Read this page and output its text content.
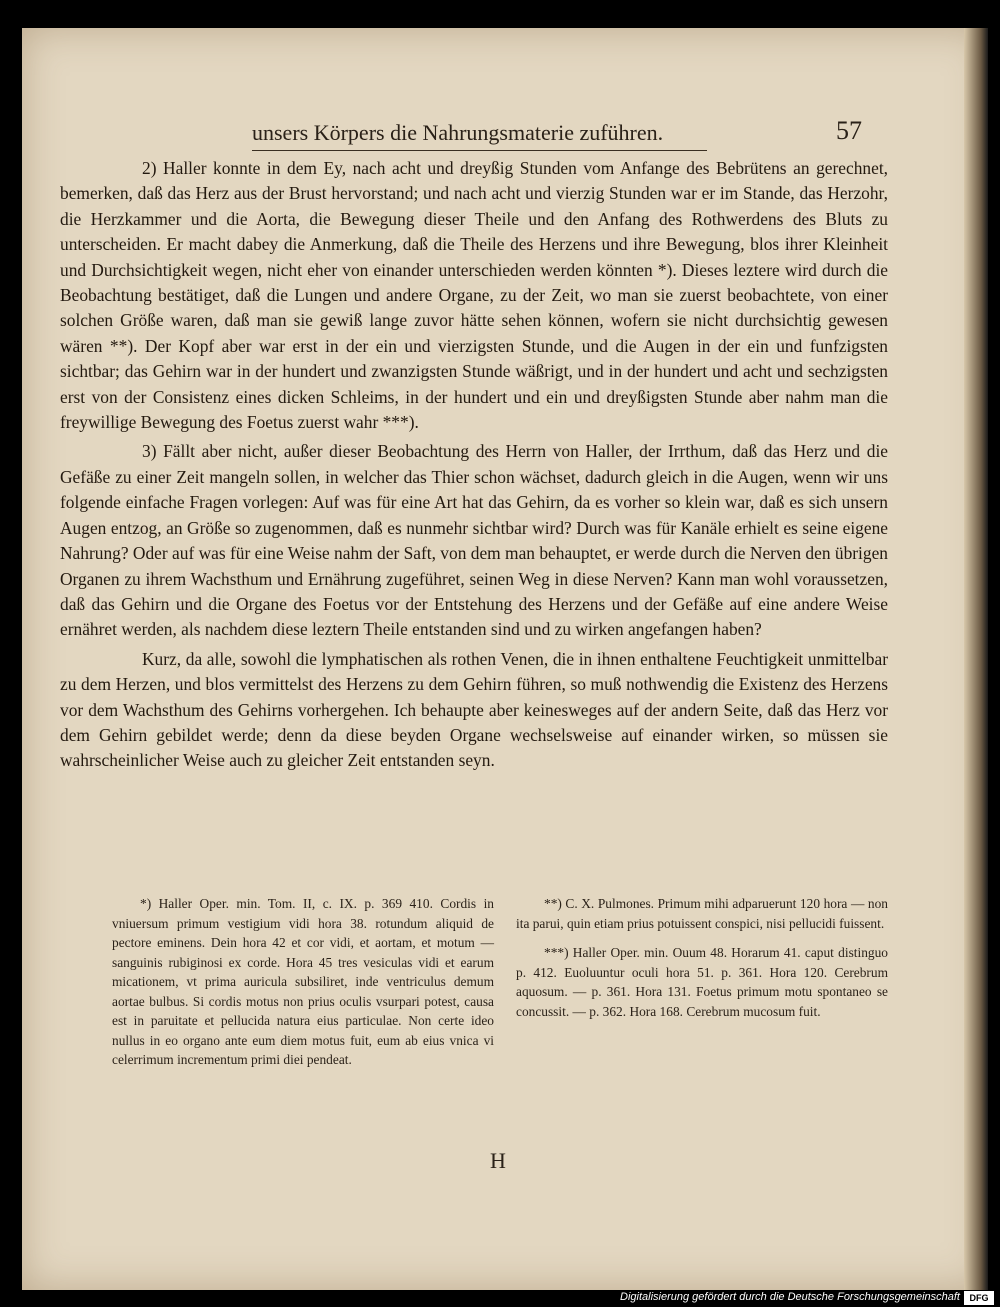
unsers Körpers die Nahrungsmaterie zuführen.	57

2) Haller konnte in dem Ey, nach acht und dreyßig Stunden vom Anfange des Bebrütens an gerechnet, bemerken, daß das Herz aus der Brust hervorstand; und nach acht und vierzig Stunden war er im Stande, das Herzohr, die Herzkammer und die Aorta, die Bewegung dieser Theile und den Anfang des Rothwerdens des Bluts zu unterscheiden. Er macht dabey die Anmerkung, daß die Theile des Herzens und ihre Bewegung, blos ihrer Kleinheit und Durchsichtigkeit wegen, nicht eher von einander unterschieden werden könnten *). Dieses leztere wird durch die Beobachtung bestätiget, daß die Lungen und andere Organe, zu der Zeit, wo man sie zuerst beobachtete, von einer solchen Größe waren, daß man sie gewiß lange zuvor hätte sehen können, wofern sie nicht durchsichtig gewesen wären **). Der Kopf aber war erst in der ein und vierzigsten Stunde, und die Augen in der ein und funfzigsten sichtbar; das Gehirn war in der hundert und zwanzigsten Stunde wäßrigt, und in der hundert und acht und sechzigsten erst von der Consistenz eines dicken Schleims, in der hundert und ein und dreyßigsten Stunde aber nahm man die freywillige Bewegung des Foetus zuerst wahr ***).

3) Fällt aber nicht, außer dieser Beobachtung des Herrn von Haller, der Irrthum, daß das Herz und die Gefäße zu einer Zeit mangeln sollen, in welcher das Thier schon wächset, dadurch gleich in die Augen, wenn wir uns folgende einfache Fragen vorlegen: Auf was für eine Art hat das Gehirn, da es vorher so klein war, daß es sich unsern Augen entzog, an Größe so zugenommen, daß es nunmehr sichtbar wird? Durch was für Kanäle erhielt es seine eigene Nahrung? Oder auf was für eine Weise nahm der Saft, von dem man behauptet, er werde durch die Nerven den übrigen Organen zu ihrem Wachsthum und Ernährung zugeführet, seinen Weg in diese Nerven? Kann man wohl voraussetzen, daß das Gehirn und die Organe des Foetus vor der Entstehung des Herzens und der Gefäße auf eine andere Weise ernähret werden, als nachdem diese leztern Theile entstanden sind und zu wirken angefangen haben?

Kurz, da alle, sowohl die lymphatischen als rothen Venen, die in ihnen enthaltene Feuchtigkeit unmittelbar zu dem Herzen, und blos vermittelst des Herzens zu dem Gehirn führen, so muß nothwendig die Existenz des Herzens vor dem Wachsthum des Gehirns vorhergehen. Ich behaupte aber keinesweges auf der andern Seite, daß das Herz vor dem Gehirn gebildet werde; denn da diese beyden Organe wechselsweise auf einander wirken, so müssen sie wahrscheinlicher Weise auch zu gleicher Zeit entstanden seyn.

*) Haller Oper. min. Tom. II, c. IX. p. 369 410. Cordis in vniuersum primum vestigium vidi hora 38. rotundum aliquid de pectore eminens. Dein hora 42 et cor vidi, et aortam, et motum — sanguinis rubiginosi ex corde. Hora 45 tres vesiculas vidi et earum micationem, vt prima auricula subsiliret, inde ventriculus demum aortae bulbus. Si cordis motus non prius oculis vsurpari potest, causa est in paruitate et pellucida natura eius particulae. Non certe ideo nullus in eo organo ante eum diem motus fuit, eum ab eius vnica vi celerrimum incrementum primi diei pendeat.

**) C. X. Pulmones. Primum mihi adparuerunt 120 hora — non ita parui, quin etiam prius potuissent conspici, nisi pellucidi fuissent.

***) Haller Oper. min. Ouum 48. Horarum 41. caput distinguo p. 412. Euoluuntur oculi hora 51. p. 361. Hora 120. Cerebrum aquosum. — p. 361. Hora 131. Foetus primum motu spontaneo se concussit. — p. 362. Hora 168. Cerebrum mucosum fuit.

H
Digitalisierung gefördert durch die Deutsche Forschungsgemeinschaft	DFG
